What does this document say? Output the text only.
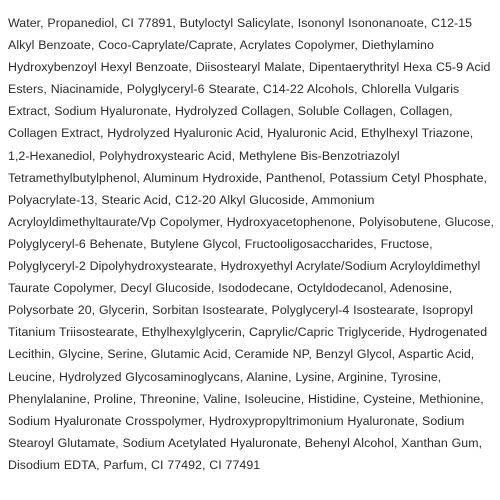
Water, Propanediol, CI 77891, Butyloctyl Salicylate, Isononyl Isononanoate, C12-15 Alkyl Benzoate, Coco-Caprylate/Caprate, Acrylates Copolymer, Diethylamino Hydroxybenzoyl Hexyl Benzoate, Diisostearyl Malate, Dipentaerythrityl Hexa C5-9 Acid Esters, Niacinamide, Polyglyceryl-6 Stearate, C14-22 Alcohols, Chlorella Vulgaris Extract, Sodium Hyaluronate, Hydrolyzed Collagen, Soluble Collagen, Collagen, Collagen Extract, Hydrolyzed Hyaluronic Acid, Hyaluronic Acid, Ethylhexyl Triazone, 1,2-Hexanediol, Polyhydroxystearic Acid, Methylene Bis-Benzotriazolyl Tetramethylbutylphenol, Aluminum Hydroxide, Panthenol, Potassium Cetyl Phosphate, Polyacrylate-13, Stearic Acid, C12-20 Alkyl Glucoside, Ammonium Acryloyldimethyltaurate/Vp Copolymer, Hydroxyacetophenone, Polyisobutene, Glucose, Polyglyceryl-6 Behenate, Butylene Glycol, Fructooligosaccharides, Fructose, Polyglyceryl-2 Dipolyhydroxystearate, Hydroxyethyl Acrylate/Sodium Acryloyldimethyl Taurate Copolymer, Decyl Glucoside, Isododecane, Octyldodecanol, Adenosine, Polysorbate 20, Glycerin, Sorbitan Isostearate, Polyglyceryl-4 Isostearate, Isopropyl Titanium Triisostearate, Ethylhexylglycerin, Caprylic/Capric Triglyceride, Hydrogenated Lecithin, Glycine, Serine, Glutamic Acid, Ceramide NP, Benzyl Glycol, Aspartic Acid, Leucine, Hydrolyzed Glycosaminoglycans, Alanine, Lysine, Arginine, Tyrosine, Phenylalanine, Proline, Threonine, Valine, Isoleucine, Histidine, Cysteine, Methionine, Sodium Hyaluronate Crosspolymer, Hydroxypropyltrimonium Hyaluronate, Sodium Stearoyl Glutamate, Sodium Acetylated Hyaluronate, Behenyl Alcohol, Xanthan Gum, Disodium EDTA, Parfum, CI 77492, CI 77491
